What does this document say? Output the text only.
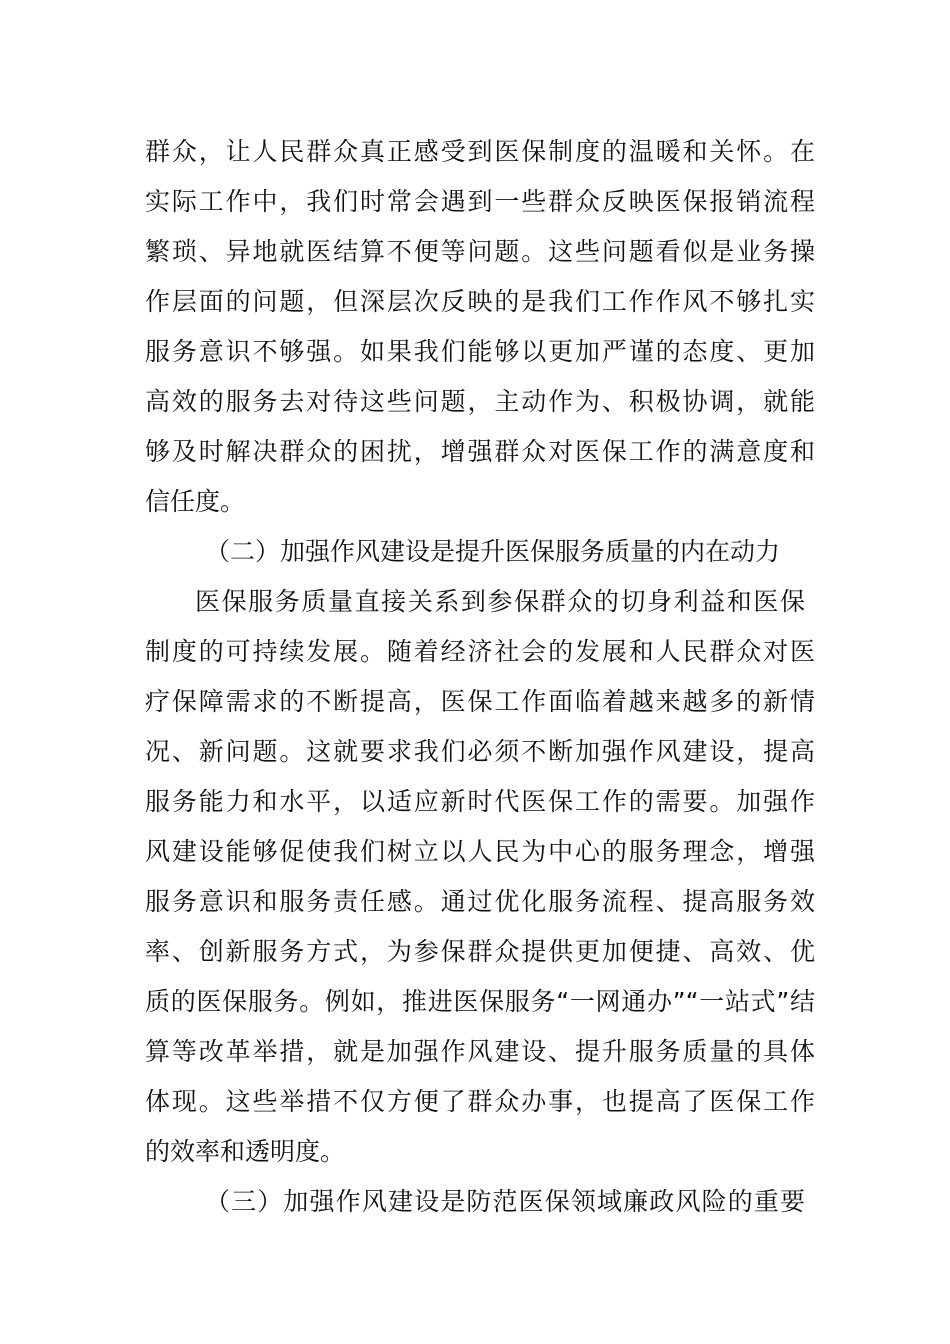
群众，让人民群众真正感受到医保制度的温暖和关怀。在
实际工作中，我们时常会遇到一些群众反映医保报销流程
繁琐、异地就医结算不便等问题。这些问题看似是业务操
作层面的问题，但深层次反映的是我们工作作风不够扎实
服务意识不够强。如果我们能够以更加严谨的态度、更加
高效的服务去对待这些问题，主动作为、积极协调，就能
够及时解决群众的困扰，增强群众对医保工作的满意度和
信任度。
（二）加强作风建设是提升医保服务质量的内在动力
医保服务质量直接关系到参保群众的切身利益和医保
制度的可持续发展。随着经济社会的发展和人民群众对医
疗保障需求的不断提高，医保工作面临着越来越多的新情
况、新问题。这就要求我们必须不断加强作风建设，提高
服务能力和水平，以适应新时代医保工作的需要。加强作
风建设能够促使我们树立以人民为中心的服务理念，增强
服务意识和服务责任感。通过优化服务流程、提高服务效
率、创新服务方式，为参保群众提供更加便捷、高效、优
质的医保服务。例如，推进医保服务“一网通办”“一站式”结
算等改革举措，就是加强作风建设、提升服务质量的具体
体现。这些举措不仅方便了群众办事，也提高了医保工作
的效率和透明度。
（三）加强作风建设是防范医保领域廉政风险的重要
